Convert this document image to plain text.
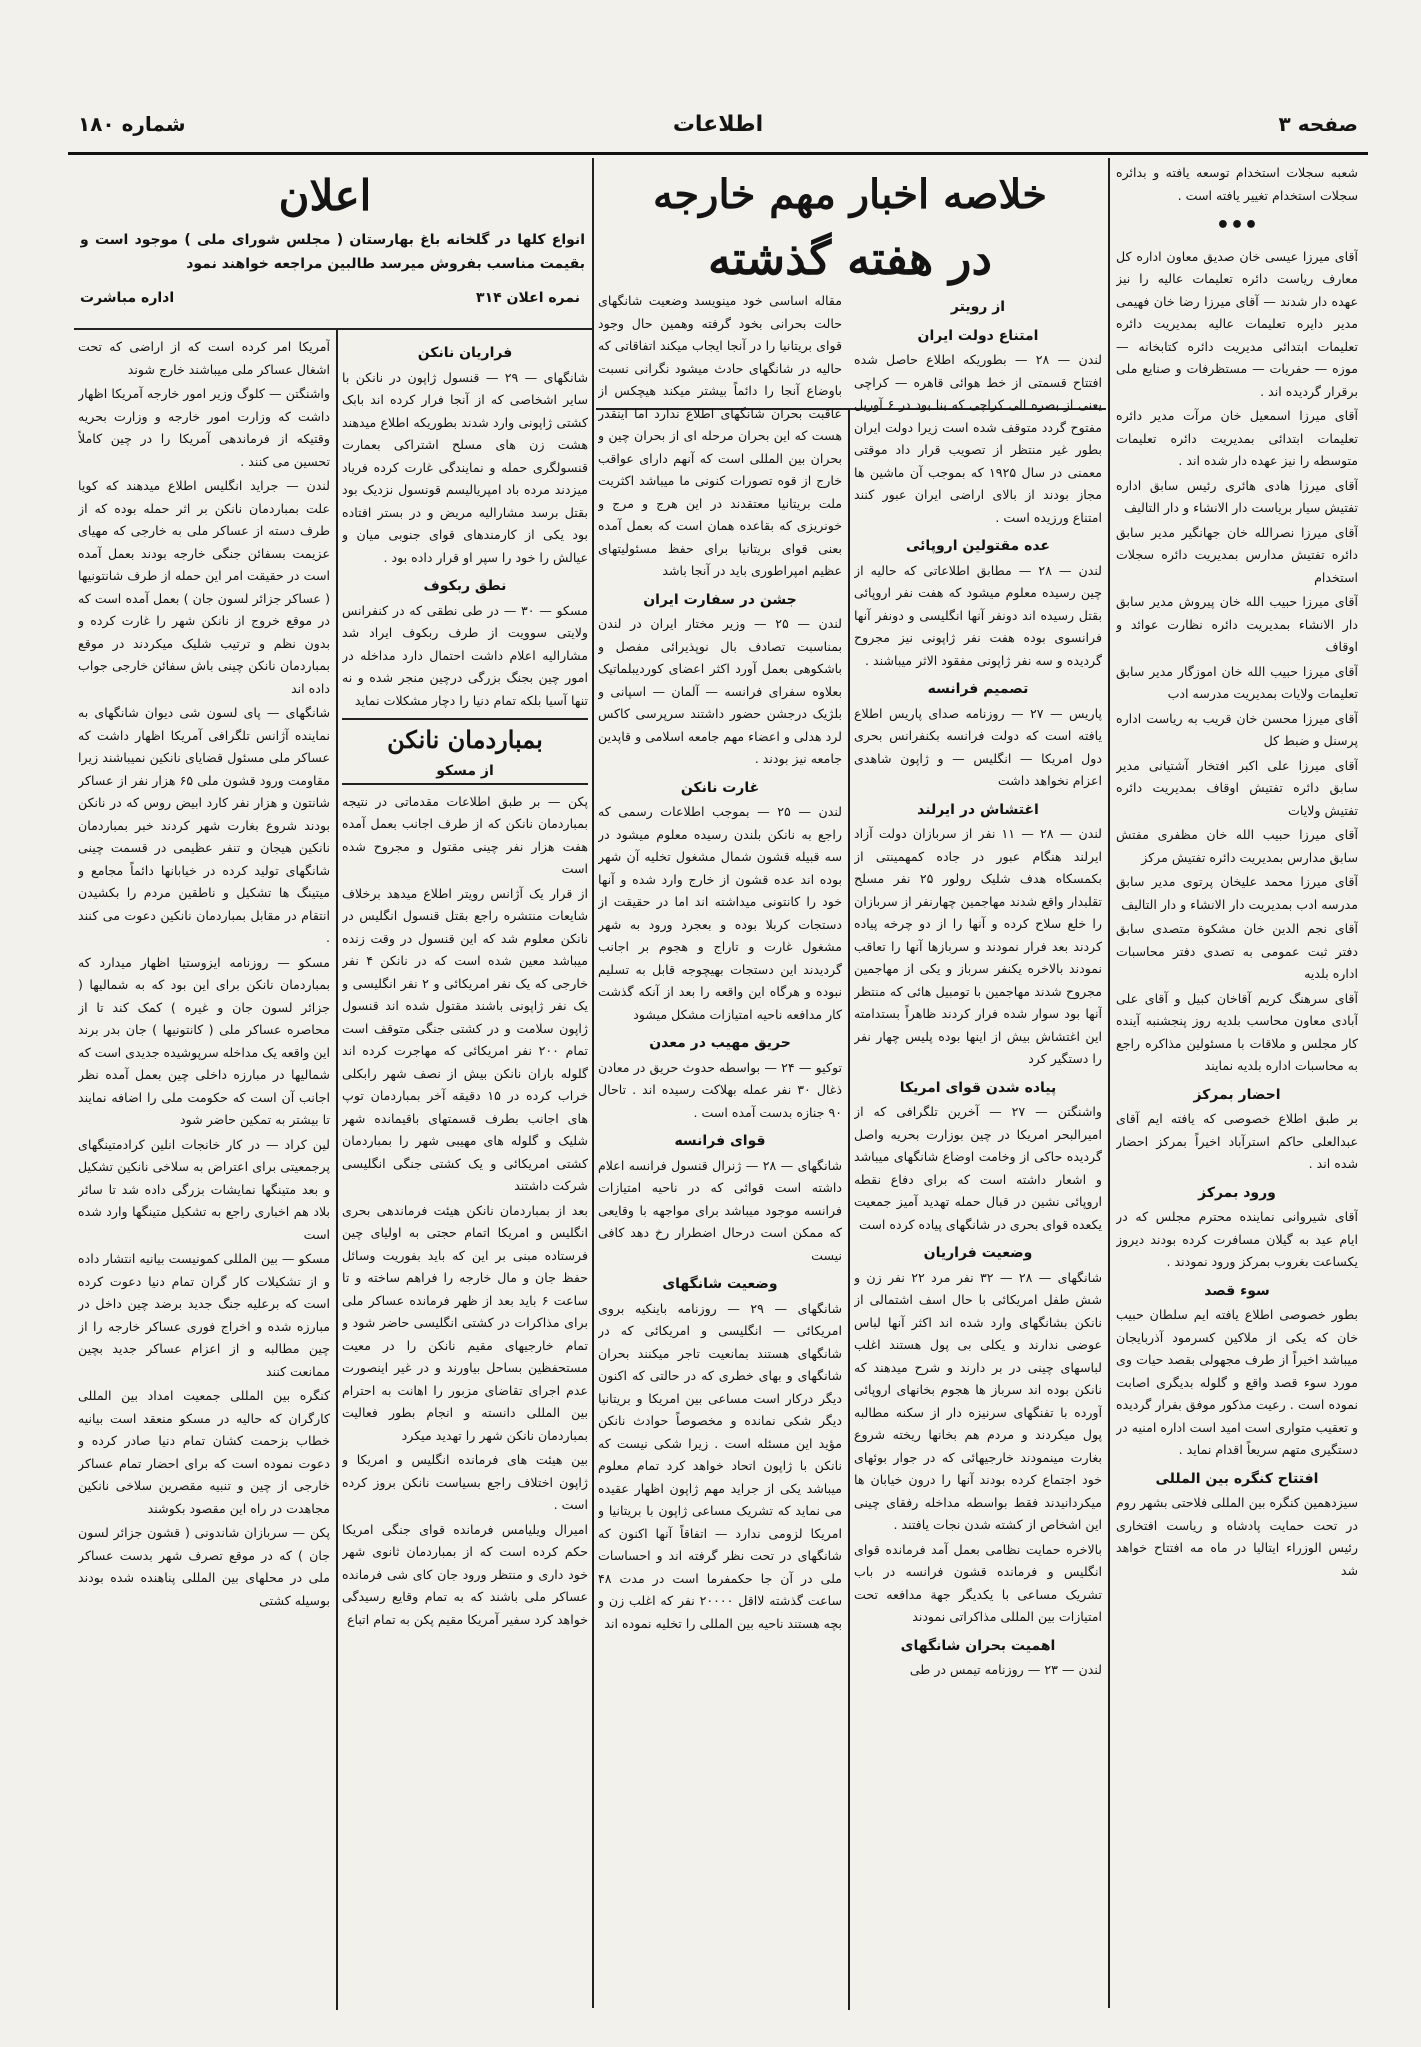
صفحه ۳
اطلاعات
شماره ۱۸۰

شعبه سجلات استخدام توسعه یافته و بدائره سجلات استخدام تغییر یافته است .

•••

آقای میرزا عیسی خان صدیق معاون اداره کل معارف ریاست دائره تعلیمات عالیه را نیز عهده دار شدند — آقای میرزا رضا خان فهیمی مدیر دایره تعلیمات عالیه بمدیریت دائره تعلیمات ابتدائی مدیریت دائره کتابخانه — موزه — حفریات — مستظرفات و صنایع ملی برقرار گردیده اند .

آقای میرزا اسمعیل خان مرآت مدیر دائره تعلیمات ابتدائی بمدیریت دائره تعلیمات متوسطه را نیز عهده دار شده اند .

آقای میرزا هادی هائری رئیس سابق اداره تفتیش سیار بریاست دار الانشاء و دار التالیف

آقای میرزا نصرالله خان جهانگیر مدیر سابق دائره تفتیش مدارس بمدیریت دائره سجلات استخدام

آقای میرزا حبیب الله خان پیروش مدیر سابق دار الانشاء بمدیریت دائره نظارت عوائد و اوقاف

آقای میرزا حبیب الله خان اموزگار مدیر سابق تعلیمات ولایات بمدیریت مدرسه ادب

آقای میرزا محسن خان قریب به ریاست اداره پرسنل و ضبط کل

آقای میرزا علی اکبر افتخار آشتیانی مدیر سابق دائره تفتیش اوقاف بمدیریت دائره تفتیش ولایات

آقای میرزا حبیب الله خان مظفری مفتش سابق مدارس بمدیریت دائره تفتیش مرکز

آقای میرزا محمد علیخان پرتوی مدیر سابق مدرسه ادب بمدیریت دار الانشاء و دار التالیف

آقای نجم الدین خان مشکوة متصدی سابق دفتر ثبت عمومی به تصدی دفتر محاسبات اداره بلدیه

آقای سرهنگ کریم آقاخان کبیل و آقای علی آبادی معاون محاسب بلدیه روز پنجشنبه آینده کار مجلس و ملاقات با مسئولین مذاکره راجع به محاسبات اداره بلدیه نمایند

احضار بمرکز

بر طبق اطلاع خصوصی که یافته ایم آقای عبدالعلی حاکم استرآباد اخیراً بمرکز احضار شده اند .

ورود بمرکز

آقای شیروانی نماینده محترم مجلس که در ایام عید به گیلان مسافرت کرده بودند دیروز یکساعت بغروب بمرکز ورود نمودند .

سوء قصد

بطور خصوصی اطلاع یافته ایم سلطان حبیب خان که یکی از ملاکین کسرمود آذربایجان میباشد اخیراً از طرف مجهولی بقصد حیات وی مورد سوء قصد واقع و گلوله بدیگری اصابت نموده است . رعیت مذکور موفق بفرار گردیده و تعقیب متواری است امید است اداره امنیه در دستگیری متهم سریعاً اقدام نماید .

افتتاح کنگره بین المللی

سیزدهمین کنگره بین المللی فلاحتی بشهر روم در تحت حمایت پادشاه و ریاست افتخاری رئیس الوزراء ایتالیا در ماه مه افتتاح خواهد شد

خلاصه اخبار مهم خارجه
در هفته گذشته
از رویتر
امتناع دولت ایران

لندن — ۲۸ — بطوریکه اطلاع حاصل شده افتتاح قسمتی از خط هوائی قاهره — کراچی یعنی از بصره الی کراچی که بنا بود در ۶ آوریل مفتوح گردد متوقف شده است زیرا دولت ایران بطور غیر منتظر از تصویب قرار داد موقتی معمنی در سال ۱۹۲۵ که بموجب آن ماشین ها مجاز بودند از بالای اراضی ایران عبور کنند امتناع ورزیده است .

عده مقتولین اروپائی

لندن — ۲۸ — مطابق اطلاعاتی که حالیه از چین رسیده معلوم میشود که هفت نفر اروپائی بقتل رسیده اند دونفر آنها انگلیسی و دونفر آنها فرانسوی بوده هفت نفر ژاپونی نیز مجروح گردیده و سه نفر ژاپونی مفقود الاثر میباشند .

تصمیم فرانسه

پاریس — ۲۷ — روزنامه صدای پاریس اطلاع یافته است که دولت فرانسه بکنفرانس بحری دول امریکا — انگلیس — و ژاپون شاهدی اعزام نخواهد داشت

اغتشاش در ایرلند

لندن — ۲۸ — ۱۱ نفر از سربازان دولت آزاد ایرلند هنگام عبور در جاده کمهمینتی از بکمسکاه هدف شلیک رولور ۲۵ نفر مسلح تقلبدار واقع شدند مهاجمین چهارنفر از سربازان را خلع سلاح کرده و آنها را از دو چرخه پیاده کردند بعد فرار نمودند و سربازها آنها را تعاقب نمودند بالاخره یکنفر سرباز و یکی از مهاجمین مجروح شدند مهاجمین با تومبیل هائی که منتظر آنها بود سوار شده فرار کردند ظاهراً بستدامته این اغتشاش بیش از اینها بوده پلیس چهار نفر را دستگیر کرد

پیاده شدن قوای امریکا

واشنگتن — ۲۷ — آخرین تلگرافی که از امیرالبحر امریکا در چین بوزارت بحریه واصل گردیده حاکی از وخامت اوضاع شانگهای میباشد و اشعار داشته است که برای دفاع نقطه اروپائی نشین در قبال حمله تهدید آمیز جمعیت یکعده قوای بحری در شانگهای پیاده کرده است

وضعیت فراریان

شانگهای — ۲۸ — ۳۲ نفر مرد ۲۲ نفر زن و شش طفل امریکائی با حال اسف اشتمالی از نانکن بشانگهای وارد شده اند اکثر آنها لباس عوضی ندارند و یکلی بی پول هستند اغلب لباسهای چینی در بر دارند و شرح میدهند که نانکن بوده اند سرباز ها هجوم بخانهای اروپائی آورده با تفنگهای سرنیزه دار از سکنه مطالبه پول میکردند و مردم هم بخانها ریخته شروع بغارت مینمودند خارجیهائی که در جوار بوئهای خود اجتماع کرده بودند آنها را درون خیابان ها میکردانیدند فقط بواسطه مداخله رفقای چینی این اشخاص از کشته شدن نجات یافتند .

بالاخره حمایت نظامی بعمل آمد فرمانده قوای انگلیس و فرمانده قشون فرانسه در باب تشریک مساعی با یکدیگر جهة مدافعه تحت امتیازات بین المللی مذاکراتی نمودند

اهمیت بحران شانگهای

لندن — ۲۳ — روزنامه تیمس در طی

مقاله اساسی خود مینویسد وضعیت شانگهای حالت بحرانی بخود گرفته وهمین حال وجود قوای بریتانیا را در آنجا ایجاب میکند اتفاقاتی که حالیه در شانگهای حادث میشود نگرانی نسبت باوضاع آنجا را دائماً بیشتر میکند هیچکس از عاقبت بحران شانگهای اطلاع ندارد اما اینقدر هست که این بحران مرحله ای از بحران چین و بحران بین المللی است که آنهم دارای عواقب خارج از قوه تصورات کنونی ما میباشد اکثریت ملت بریتانیا معتقدند در این هرج و مرج و خونریزی که بقاعده همان است که بعمل آمده بعنی قوای بریتانیا برای حفظ مسئولیتهای عظیم امپراطوری باید در آنجا باشد

جشن در سفارت ایران

لندن — ۲۵ — وزیر مختار ایران در لندن بمناسبت تصادف بال نوپذیرائی مفصل و باشکوهی بعمل آورد اکثر اعضای کوردیبلماتیک بعلاوه سفرای فرانسه — آلمان — اسپانی و بلژیک درجشن حضور داشتند سرپرسی کاکس لرد هدلی و اعضاء مهم جامعه اسلامی و قاپدین جامعه نیز بودند .

غارت نانکن

لندن — ۲۵ — بموجب اطلاعات رسمی که راجع به نانکن بلندن رسیده معلوم میشود در سه قبیله قشون شمال مشغول تخلیه آن شهر بوده اند عده قشون از خارج وارد شده و آنها خود را کانتونی میداشته اند اما در حقیقت از دستجات کربلا بوده و بعجرد ورود به شهر مشغول غارت و تاراج و هجوم بر اجانب گردیدند این دستجات بهیچوجه قابل به تسلیم نبوده و هرگاه این واقعه را بعد از آنکه گذشت کار مدافعه ناحیه امتیازات مشکل میشود

حریق مهیب در معدن

توکیو — ۲۴ — بواسطه حدوث حریق در معادن ذغال ۳۰ نفر عمله بهلاکت رسیده اند . تاحال ۹۰ جنازه بدست آمده است .

قوای فرانسه

شانگهای — ۲۸ — ژنرال قنسول فرانسه اعلام داشته است قوائی که در ناحیه امتیازات فرانسه موجود میباشد برای مواجهه با وقایعی که ممکن است درحال اضطرار رخ دهد کافی نیست

وضعیت شانگهای

شانگهای — ۲۹ — روزنامه باینکیه بروی امریکائی — انگلیسی و امریکائی که در شانگهای هستند بمانعیت تاجر میکنند بحران شانگهای و بهای خطری که در حالتی که اکنون دیگر درکار است مساعی بین امریکا و بریتانیا دیگر شکی نمانده و مخصوصاً حوادث نانکن مؤید این مسئله است . زیرا شکی نیست که نانکن با ژاپون اتحاد خواهد کرد تمام معلوم میباشد یکی از جراید مهم ژاپون اظهار عقیده می نماید که تشریک مساعی ژاپون با بریتانیا و امریکا لزومی ندارد — اتفاقاً آنها اکنون که شانگهای در تحت نظر گرفته اند و احساسات ملی در آن جا حکمفرما است در مدت ۴۸ ساعت گذشته لااقل ۲۰۰۰۰ نفر که اغلب زن و بچه هستند ناحیه بین المللی را تخلیه نموده اند

اعلان
انواع کلها در گلخانه باغ بهارستان ( مجلس شورای ملی ) موجود است و بقیمت مناسب بفروش میرسد طالبین مراجعه خواهند نمود
نمره اعلان ۳۱۴
اداره مباشرت
فراریان نانکن

شانگهای — ۲۹ — قنسول ژاپون در نانکن با سایر اشخاصی که از آنجا فرار کرده اند بابک کشتی ژاپونی وارد شدند بطوریکه اطلاع میدهند هشت زن های مسلح اشتراکی بعمارت قنسولگری حمله و نمایندگی غارت کرده فریاد میزدند مرده باد امپریالیسم قونسول نزدیک بود بقتل برسد مشارالیه مریض و در بستر افتاده بود یکی از کارمندهای قوای جنوبی میان و عیالش را خود را سپر او قرار داده بود .

نطق ربکوف

مسکو — ۳۰ — در طی نطقی که در کنفرانس ولایتی سوویت از طرف ربکوف ایراد شد مشارالیه اعلام داشت احتمال دارد مداخله در امور چین بجنگ بزرگی درچین منجر شده و نه تنها آسیا بلکه تمام دنیا را دچار مشکلات نماید

بمباردمان نانکن
از مسکو

پکن — بر طبق اطلاعات مقدماتی در نتیجه بمباردمان نانکن که از طرف اجانب بعمل آمده هفت هزار نفر چینی مقتول و مجروح شده است

از قرار یک آژانس رویتر اطلاع میدهد برخلاف شایعات منتشره راجع بقتل قنسول انگلیس در نانکن معلوم شد که این قنسول در وقت زنده میباشد معین شده است که در نانکن ۴ نفر خارجی که یک نفر امریکائی و ۲ نفر انگلیسی و یک نفر ژاپونی باشند مقتول شده اند قنسول ژاپون سلامت و در کشتی جنگی متوقف است تمام ۲۰۰ نفر امریکائی که مهاجرت کرده اند گلوله باران نانکن بیش از نصف شهر رابکلی خراب کرده در ۱۵ دقیقه آخر بمباردمان توپ های اجانب بطرف قسمتهای باقیمانده شهر شلیک و گلوله های مهیبی شهر را بمباردمان کشتی امریکائی و یک کشتی جنگی انگلیسی شرکت داشتند

بعد از بمباردمان نانکن هیئت فرماندهی بحری انگلیس و امریکا اتمام حجتی به اولیای چین فرستاده مبنی بر این که باید بفوریت وسائل حفظ جان و مال خارجه را فراهم ساخته و تا ساعت ۶ باید بعد از ظهر فرمانده عساکر ملی برای مذاکرات در کشتی انگلیسی حاضر شود و تمام خارجیهای مقیم نانکن را در معیت مستحفظین بساحل بیاورند و در غیر اینصورت عدم اجرای تقاضای مزبور را اهانت به احترام بین المللی دانسته و انجام بطور فعالیت بمباردمان نانکن شهر را تهدید میکرد

بین هیئت های فرمانده انگلیس و امریکا و ژاپون اختلاف راجع بسیاست نانکن بروز کرده است .

امیرال ویلیامس فرمانده قوای جنگی امریکا حکم کرده است که از بمباردمان ثانوی شهر خود داری و منتظر ورود جان کای شی فرمانده عساکر ملی باشند که به تمام وقایع رسیدگی خواهد کرد سفیر آمریکا مقیم پکن به تمام اتباع

آمریکا امر کرده است که از اراضی که تحت اشغال عساکر ملی میباشند خارج شوند

واشنگتن — کلوگ وزیر امور خارجه آمریکا اظهار داشت که وزارت امور خارجه و وزارت بحریه وقتیکه از فرماندهی آمریکا را در چین کاملاً تحسین می کنند .

لندن — جراید انگلیس اطلاع میدهند که کویا علت بمباردمان نانکن بر اثر حمله بوده که از طرف دسته از عساکر ملی به خارجی که مهیای عزیمت بسفائن جنگی خارجه بودند بعمل آمده است در حقیقت امر این حمله از طرف شانتونیها ( عساکر جزائر لسون جان ) بعمل آمده است که در موقع خروج از نانکن شهر را غارت کرده و بدون نظم و ترتیب شلیک میکردند در موقع بمباردمان نانکن چینی باش سفائن خارجی جواب داده اند

شانگهای — پای لسون شی دیوان شانگهای به نماینده آژانس تلگرافی آمریکا اظهار داشت که عساکر ملی مسئول قضایای نانکین نمیباشند زیرا مقاومت ورود قشون ملی ۶۵ هزار نفر از عساکر شانتون و هزار نفر کارد ابیض روس که در نانکن بودند شروع بغارت شهر کردند خبر بمباردمان نانکین هیجان و تنفر عظیمی در قسمت چینی شانگهای تولید کرده در خیابانها دائماً مجامع و میتینگ ها تشکیل و ناطقین مردم را بکشیدن انتقام در مقابل بمباردمان نانکین دعوت می کنند .

مسکو — روزنامه ایزوستیا اظهار میدارد که بمباردمان نانکن برای این بود که به شمالیها ( جزائر لسون جان و غیره ) کمک کند تا از محاصره عساکر ملی ( کانتونیها ) جان بدر برند این واقعه یک مداخله سرپوشیده جدیدی است که شمالیها در مبارزه داخلی چین بعمل آمده نظر اجانب آن است که حکومت ملی را اضافه نمایند تا بیشتر به تمکین حاضر شود

لین کراد — در کار خانجات انلین کرادمتینگهای پرجمعیتی برای اعتراض به سلاخی نانکین تشکیل و بعد متینگها نمایشات بزرگی داده شد تا سائر بلاد هم اخباری راجع به تشکیل متینگها وارد شده است

مسکو — بین المللی کمونیست بیانیه انتشار داده و از تشکیلات کار گران تمام دنیا دعوت کرده است که برعلیه جنگ جدید برضد چین داخل در مبارزه شده و اخراج فوری عساکر خارجه را از چین مطالبه و از اعزام عساکر جدید بچین ممانعت کنند

کنگره بین المللی جمعیت امداد بین المللی کارگران که حالیه در مسکو منعقد است بیانیه خطاب بزحمت کشان تمام دنیا صادر کرده و دعوت نموده است که برای احضار تمام عساکر خارجی از چین و تنبیه مقصرین سلاخی نانکین مجاهدت در راه این مقصود بکوشند

پکن — سربازان شاندونی ( قشون جزائر لسون جان ) که در موقع تصرف شهر بدست عساکر ملی در محلهای بین المللی پناهنده شده بودند بوسیله کشتی
